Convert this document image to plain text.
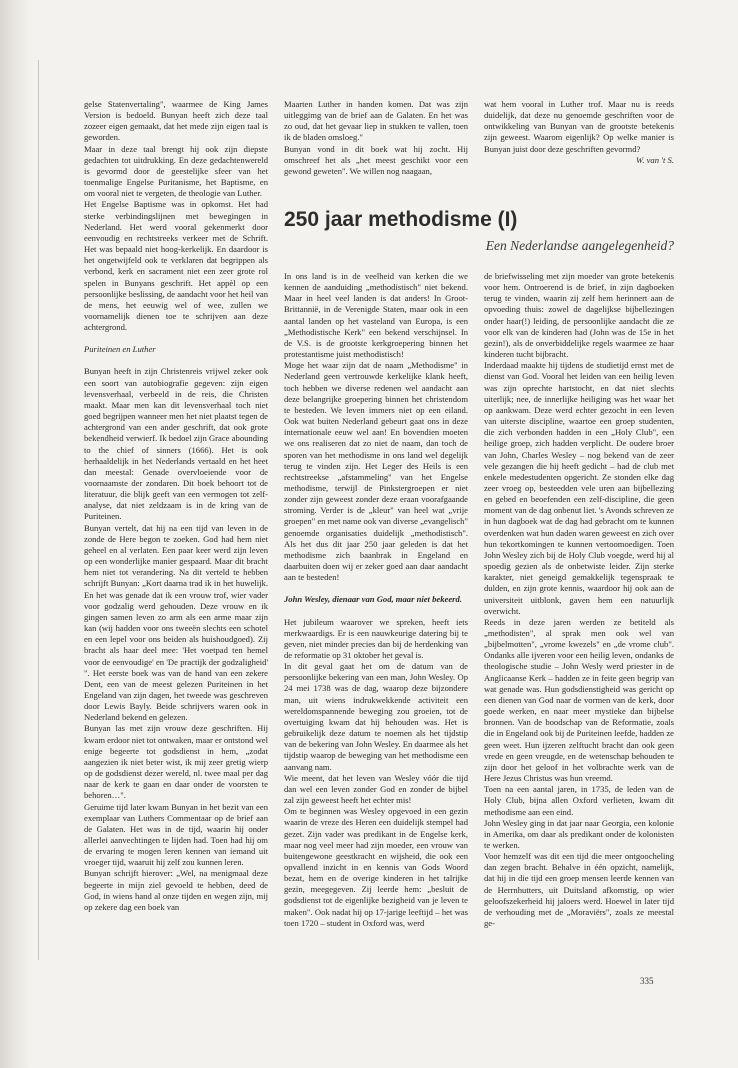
gelse Statenvertaling", waarmee de King James Version is bedoeld. Bunyan heeft zich deze taal zozeer eigen gemaakt, dat het mede zijn eigen taal is geworden.

Maar in deze taal brengt hij ook zijn diepste gedachten tot uitdrukking. En deze gedachtenwereld is gevormd door de geestelijke sfeer van het toenmalige Engelse Puritanisme, het Baptisme, en om vooral niet te vergeten, de theologie van Luther.

Het Engelse Baptisme was in opkomst. Het had sterke verbindingslijnen met bewegingen in Nederland. Het werd vooral gekenmerkt door eenvoudig en rechtstreeks verkeer met de Schrift. Het was bepaald niet hoog-kerkelijk. En daardoor is het ongetwijfeld ook te verklaren dat begrippen als verbond, kerk en sacrament niet een zeer grote rol spelen in Bunyans geschrift. Het appèl op een persoonlijke beslissing, de aandacht voor het heil van de mens, het eeuwig wel of wee, zullen we voornamelijk dienen toe te schrijven aan deze achtergrond.

Puriteinen en Luther

Bunyan heeft in zijn Christenreis vrijwel zeker ook een soort van autobiografie gegeven: zijn eigen levensverhaal, verbeeld in de reis, die Christen maakt. Maar men kan dit levensverhaal toch niet goed begrijpen wanneer men het niet plaatst tegen de achtergrond van een ander geschrift, dat ook grote bekendheid verwierf. Ik bedoel zijn Grace abounding to the chief of sinners (1666). Het is ook herhaaldelijk in het Nederlands vertaald en het heet dan meestal: Genade overvloeiende voor de voornaamste der zondaren. Dit boek behoort tot de literatuur, die blijk geeft van een vermogen tot zelf-analyse, dat niet zeldzaam is in de kring van de Puriteinen.

Bunyan vertelt, dat hij na een tijd van leven in de zonde de Here begon te zoeken. God had hem niet geheel en al verlaten. Een paar keer werd zijn leven op een wonderlijke manier gespaard. Maar dit bracht hem niet tot verandering. Na dit verteld te hebben schrijft Bunyan: „Kort daarna trad ik in het huwelijk. En het was genade dat ik een vrouw trof, wier vader voor godzalig werd gehouden. Deze vrouw en ik gingen samen leven zo arm als een arme maar zijn kan (wij hadden voor ons tweeën slechts een schotel en een lepel voor ons beiden als huishoudgoed). Zij bracht als haar deel mee: 'Het voetpad ten hemel voor de eenvoudige' en 'De practijk der godzaligheid' ". Het eerste boek was van de hand van een zekere Dent, een van de meest gelezen Puriteinen in het Engeland van zijn dagen, het tweede was geschreven door Lewis Bayly. Beide schrijvers waren ook in Nederland bekend en gelezen.

Bunyan las met zijn vrouw deze geschriften. Hij kwam erdoor niet tot ontwaken, maar er ontstond wel enige begeerte tot godsdienst in hem, „zodat aangezien ik niet beter wist, ik mij zeer gretig wierp op de godsdienst dezer wereld, nl. twee maal per dag naar de kerk te gaan en daar onder de voorsten te behoren…".

Geruime tijd later kwam Bunyan in het bezit van een exemplaar van Luthers Commentaar op de brief aan de Galaten. Het was in de tijd, waarin hij onder allerlei aanvechtingen te lijden had. Toen had hij om de ervaring te mogen leren kennen van iemand uit vroeger tijd, waaruit hij zelf zou kunnen leren.

Bunyan schrijft hierover: „Wel, na menigmaal deze begeerte in mijn ziel gevoeld te hebben, deed de God, in wiens hand al onze tijden en wegen zijn, mij op zekere dag een boek van

Maarten Luther in handen komen. Dat was zijn uitleggimg van de brief aan de Galaten. En het was zo oud, dat het gevaar liep in stukken te vallen, toen ik de bladen omsloeg."

Bunyan vond in dit boek wat hij zocht. Hij omschreef het als „het meest geschikt voor een gewond geweten". We willen nog naagaan,

wat hem vooral in Luther trof. Maar nu is reeds duidelijk, dat deze nu genoemde geschriften voor de ontwikkeling van Bunyan van de grootste betekenis zijn geweest. Waarom eigenlijk? Op welke manier is Bunyan juist door deze geschriften gevormd?

W. van 't S.

250 jaar methodisme (I)
Een Nederlandse aangelegenheid?

In ons land is in de veelheid van kerken die we kennen de aanduiding „methodistisch" niet bekend. Maar in heel veel landen is dat anders! In Groot-Brittannië, in de Verenigde Staten, maar ook in een aantal landen op het vasteland van Europa, is een „Methodistische Kerk" een bekend verschijnsel. In de V.S. is de grootste kerkgroepering binnen het protestantisme juist methodistisch!

Moge het waar zijn dat de naam „Methodisme" in Nederland geen vertrouwde kerkelijke klank heeft, toch hebben we diverse redenen wel aandacht aan deze belangrijke groepering binnen het christendom te besteden. We leven immers niet op een eiland. Ook wat buiten Nederland gebeurt gaat ons in deze internationale eeuw wel aan! En bovendien moeten we ons realiseren dat zo niet de naam, dan toch de sporen van het methodisme in ons land wel degelijk terug te vinden zijn. Het Leger des Heils is een rechtstreekse „afstammeling" van het Engelse methodisme, terwijl de Pinkstergroepen er niet zonder zijn geweest zonder deze eraan voorafgaande stroming. Verder is de „kleur" van heel wat „vrije groepen" en met name ook van diverse „evangelisch" genoemde organisaties duidelijk „methodistisch". Als het dus dit jaar 250 jaar geleden is dat het methodisme zich baanbrak in Engeland en daarbuiten doen wij er zeker goed aan daar aandacht aan te besteden!

John Wesley, dienaar van God, maar niet bekeerd.

Het jubileum waarover we spreken, heeft iets merkwaardigs. Er is een nauwkeurige datering bij te geven, niet minder precies dan bij de herdenking van de reformatie op 31 oktober het geval is.

In dit geval gaat het om de datum van de persoonlijke bekering van een man, John Wesley. Op 24 mei 1738 was de dag, waarop deze bijzondere man, uit wiens indrukwekkende activiteit een wereldomspannende beweging zou groeien, tot de overtuiging kwam dat hij behouden was. Het is gebruikelijk deze datum te noemen als het tijdstip van de bekering van John Wesley. En daarmee als het tijdstip waarop de beweging van het methodisme een aanvang nam.

Wie meent, dat het leven van Wesley vóór die tijd dan wel een leven zonder God en zonder de bijbel zal zijn geweest heeft het echter mis!

Om te beginnen was Wesley opgevoed in een gezin waarin de vreze des Heren een duidelijk stempel had gezet. Zijn vader was predikant in de Engelse kerk, maar nog veel meer had zijn moeder, een vrouw van buitengewone geestkracht en wijsheid, die ook een opvallend inzicht in en kennis van Gods Woord bezat, hem en de overige kinderen in het talrijke gezin, meegegeven. Zij leerde hem: „besluit de godsdienst tot de eigenlijke bezigheid van je leven te maken". Ook nadat hij op 17-jarige leeftijd – het was toen 1720 – student in Oxford was, werd

de briefwisseling met zijn moeder van grote betekenis voor hem. Ontroerend is de brief, in zijn dagboeken terug te vinden, waarin zij zelf hem herinnert aan de opvoeding thuis: zowel de dagelijkse bijbellezingen onder haar(!) leiding, de persoonlijke aandacht die ze voor elk van de kinderen had (John was de 15e in het gezin!), als de onverbiddelijke regels waarmee ze haar kinderen tucht bijbracht.

Inderdaad maakte hij tijdens de studietijd ernst met de dienst van God. Vooral het leiden van een heilig leven was zijn oprechte hartstocht, en dat niet slechts uiterlijk; nee, de innerlijke heiliging was het waar het op aankwam. Deze werd echter gezocht in een leven van uiterste discipline, waartoe een groep studenten, die zich verbonden hadden in een „Holy Club", een heilige groep, zich hadden verplicht. De oudere broer van John, Charles Wesley – nog bekend van de zeer vele gezangen die hij heeft gedicht – had de club met enkele medestudenten opgericht. Ze stonden elke dag zeer vroeg op, besteedden vele uren aan bijbellezing en gebed en beoefenden een zelf-discipline, die geen moment van de dag onbenut liet. 's Avonds schreven ze in hun dagboek wat de dag had gebracht om te kunnen overdenken wat hun daden waren geweest en zich over hun tekortkomingen te kunnen vertoomoedigen. Toen John Wesley zich bij de Holy Club voegde, werd hij al spoedig gezien als de onbetwiste leider. Zijn sterke karakter, niet geneigd gemakkelijk tegenspraak te dulden, en zijn grote kennis, waardoor hij ook aan de universiteit uitblonk, gaven hem een natuurlijk overwicht.

Reeds in deze jaren werden ze betiteld als „methodisten", al sprak men ook wel van „bijbelmotten", „vrome kwezels" en „de vrome club". Ondanks alle ijveren voor een heilig leven, ondanks de theologische studie – John Wesly werd priester in de Anglicaanse Kerk – hadden ze in feite geen begrip van wat genade was. Hun godsdienstigheid was gericht op een dienen van God naar de vormen van de kerk, door goede werken, en naar meer mystieke dan bijbelse bronnen. Van de boodschap van de Reformatie, zoals die in Engeland ook bij de Puriteinen leefde, hadden ze geen weet. Hun ijzeren zelftucht bracht dan ook geen vrede en geen vreugde, en de wetenschap behouden te zijn door het geloof in het volbrachte werk van de Here Jezus Christus was hun vreemd.

Toen na een aantal jaren, in 1735, de leden van de Holy Club, bijna allen Oxford verlieten, kwam dit methodisme aan een eind.

John Wesley ging in dat jaar naar Georgia, een kolonie in Amerika, om daar als predikant onder de kolonisten te werken.

Voor hemzelf was dit een tijd die meer ontgoocheling dan zegen bracht. Behalve in één opzicht, namelijk, dat hij in die tijd een groep mensen leerde kennen van de Herrnhutters, uit Duitsland afkomstig, op wier geloofszekerheid hij jaloers werd. Hoewel in later tijd de verhouding met de „Moraviërs", zoals ze meestal ge-

335
